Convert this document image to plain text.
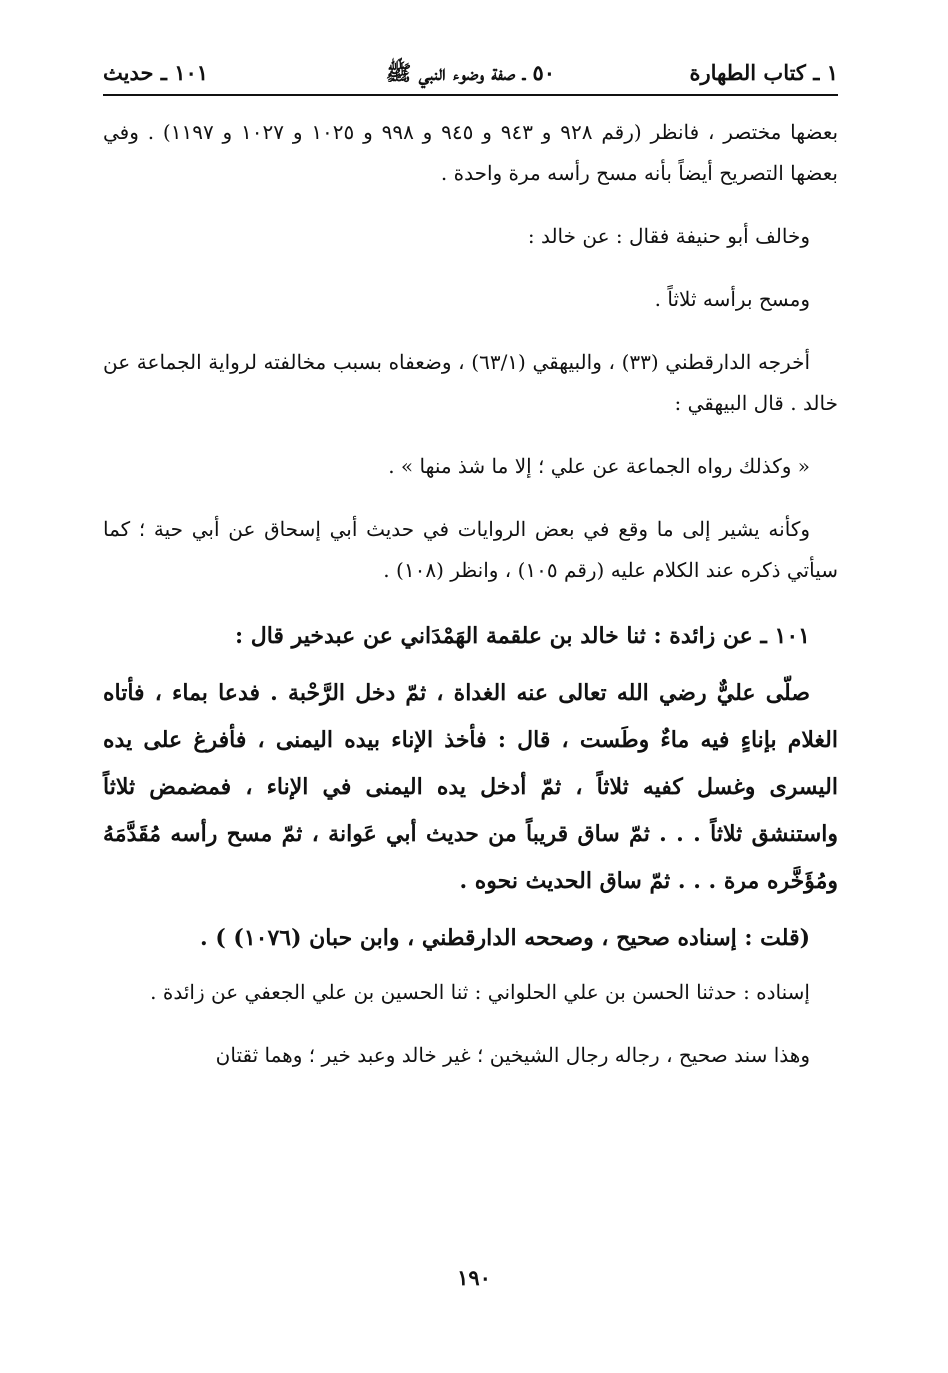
١ ـ كتاب الطهارة
٥٠ ـ صفة وضوء النبي ﷺ
١٠١ ـ حديث

بعضها مختصر ، فانظر (رقم ٩٢٨ و ٩٤٣ و ٩٤٥ و ٩٩٨ و ١٠٢٥ و ١٠٢٧ و ١١٩٧) . وفي بعضها التصريح أيضاً بأنه مسح رأسه مرة واحدة .

وخالف أبو حنيفة فقال : عن خالد :

ومسح برأسه ثلاثاً .

أخرجه الدارقطني (٣٣) ، والبيهقي (٦٣/١) ، وضعفاه بسبب مخالفته لرواية الجماعة عن خالد . قال البيهقي :

« وكذلك رواه الجماعة عن علي ؛ إلا ما شذ منها » .

وكأنه يشير إلى ما وقع في بعض الروايات في حديث أبي إسحاق عن أبي حية ؛ كما سيأتي ذكره عند الكلام عليه (رقم ١٠٥) ، وانظر (١٠٨) .

١٠١ ـ عن زائدة : ثنا خالد بن علقمة الهَمْدَاني عن عبدخير قال :

صلّى عليٌّ رضي الله تعالى عنه الغداة ، ثمّ دخل الرَّحْبة . فدعا بماء ، فأتاه الغلام بإناءٍ فيه ماءٌ وطَست ، قال : فأخذ الإناء بيده اليمنى ، فأفرغ على يده اليسرى وغسل كفيه ثلاثاً ، ثمّ أدخل يده اليمنى في الإناء ، فمضمض ثلاثاً واستنشق ثلاثاً . . . ثمّ ساق قريباً من حديث أبي عَوانة ، ثمّ مسح رأسه مُقَدَّمَهُ ومُؤَخَّره مرة . . . ثمّ ساق الحديث نحوه .

(قلت : إسناده صحيح ، وصححه الدارقطني ، وابن حبان (١٠٧٦) ) .

إسناده : حدثنا الحسن بن علي الحلواني : ثنا الحسين بن علي الجعفي عن زائدة .

وهذا سند صحيح ، رجاله رجال الشيخين ؛ غير خالد وعبد خير ؛ وهما ثقتان

١٩٠
